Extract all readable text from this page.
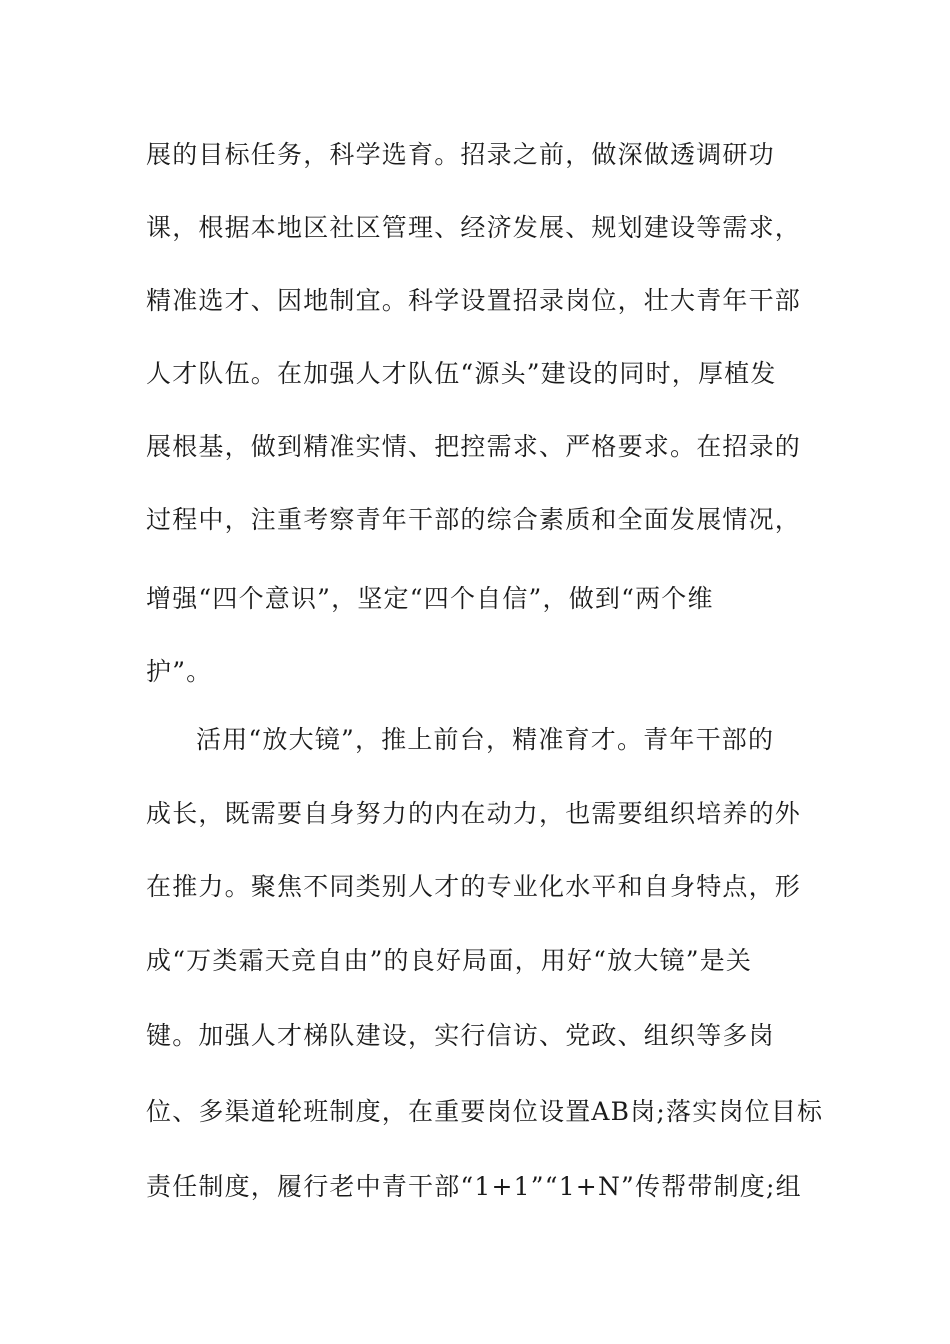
展的目标任务，科学选育。招录之前，做深做透调研功

课，根据本地区社区管理、经济发展、规划建设等需求，

精准选才、因地制宜。科学设置招录岗位，壮大青年干部

人才队伍。在加强人才队伍“源头”建设的同时，厚植发

展根基，做到精准实情、把控需求、严格要求。在招录的

过程中，注重考察青年干部的综合素质和全面发展情况，

增强“四个意识”，坚定“四个自信”，做到“两个维

护”。

活用“放大镜”，推上前台，精准育才。青年干部的

成长，既需要自身努力的内在动力，也需要组织培养的外

在推力。聚焦不同类别人才的专业化水平和自身特点，形

成“万类霜天竞自由”的良好局面，用好“放大镜”是关

键。加强人才梯队建设，实行信访、党政、组织等多岗

位、多渠道轮班制度，在重要岗位设置AB岗;落实岗位目标

责任制度，履行老中青干部“1+1”“1+N”传帮带制度;组
